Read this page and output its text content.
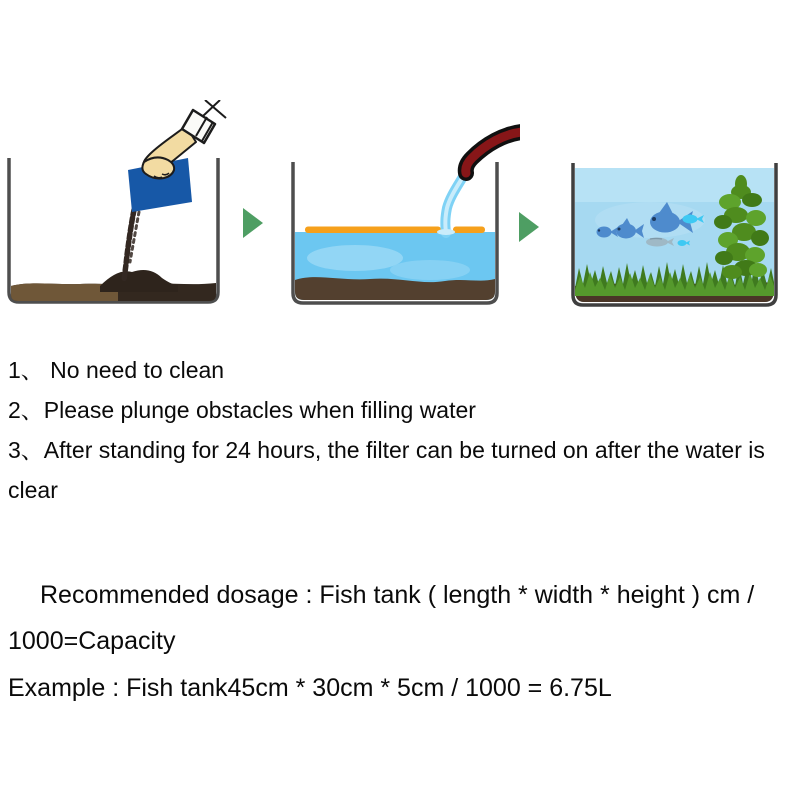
1、 No need to clean
2、Please plunge obstacles when filling water
3、After standing for 24 hours, the filter can be turned on after the water is clear
Recommended dosage : Fish tank ( length * width * height ) cm /
1000=Capacity
Example : Fish tank45cm * 30cm * 5cm / 1000 = 6.75L
